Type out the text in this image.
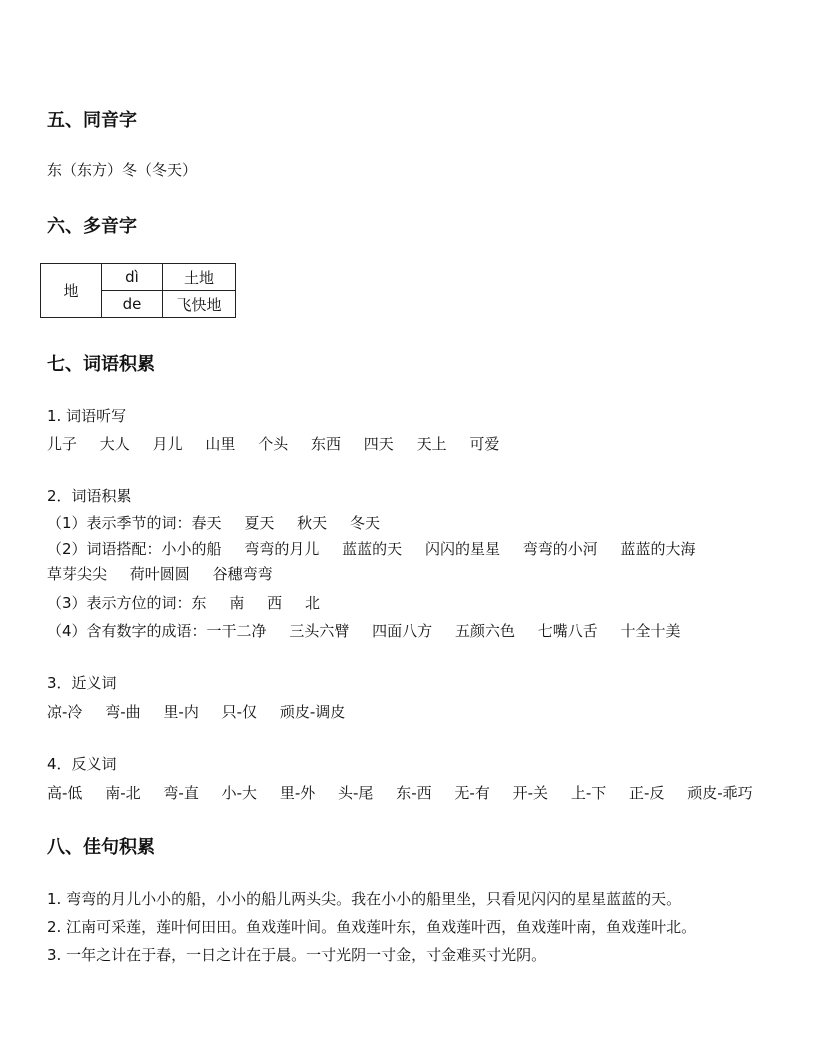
五、同音字
东（东方）冬（冬天）
六、多音字
地	dì	土地
	de	飞快地
七、词语积累
1. 词语听写
儿子 大人 月儿 山里 个头 东西 四天 天上 可爱
2．词语积累
（1）表示季节的词：春天 夏天 秋天 冬天
（2）词语搭配：小小的船 弯弯的月儿 蓝蓝的天 闪闪的星星 弯弯的小河 蓝蓝的大海
草芽尖尖 荷叶圆圆 谷穗弯弯
（3）表示方位的词：东 南 西 北
（4）含有数字的成语：一干二净 三头六臂 四面八方 五颜六色 七嘴八舌 十全十美
3．近义词
凉-冷 弯-曲 里-内 只-仅 顽皮-调皮
4．反义词
高-低 南-北 弯-直 小-大 里-外 头-尾 东-西 无-有 开-关 上-下 正-反 顽皮-乖巧
八、佳句积累
1. 弯弯的月儿小小的船，小小的船儿两头尖。我在小小的船里坐，只看见闪闪的星星蓝蓝的天。
2. 江南可采莲，莲叶何田田。鱼戏莲叶间。鱼戏莲叶东，鱼戏莲叶西，鱼戏莲叶南，鱼戏莲叶北。
3. 一年之计在于春，一日之计在于晨。一寸光阴一寸金，寸金难买寸光阴。
